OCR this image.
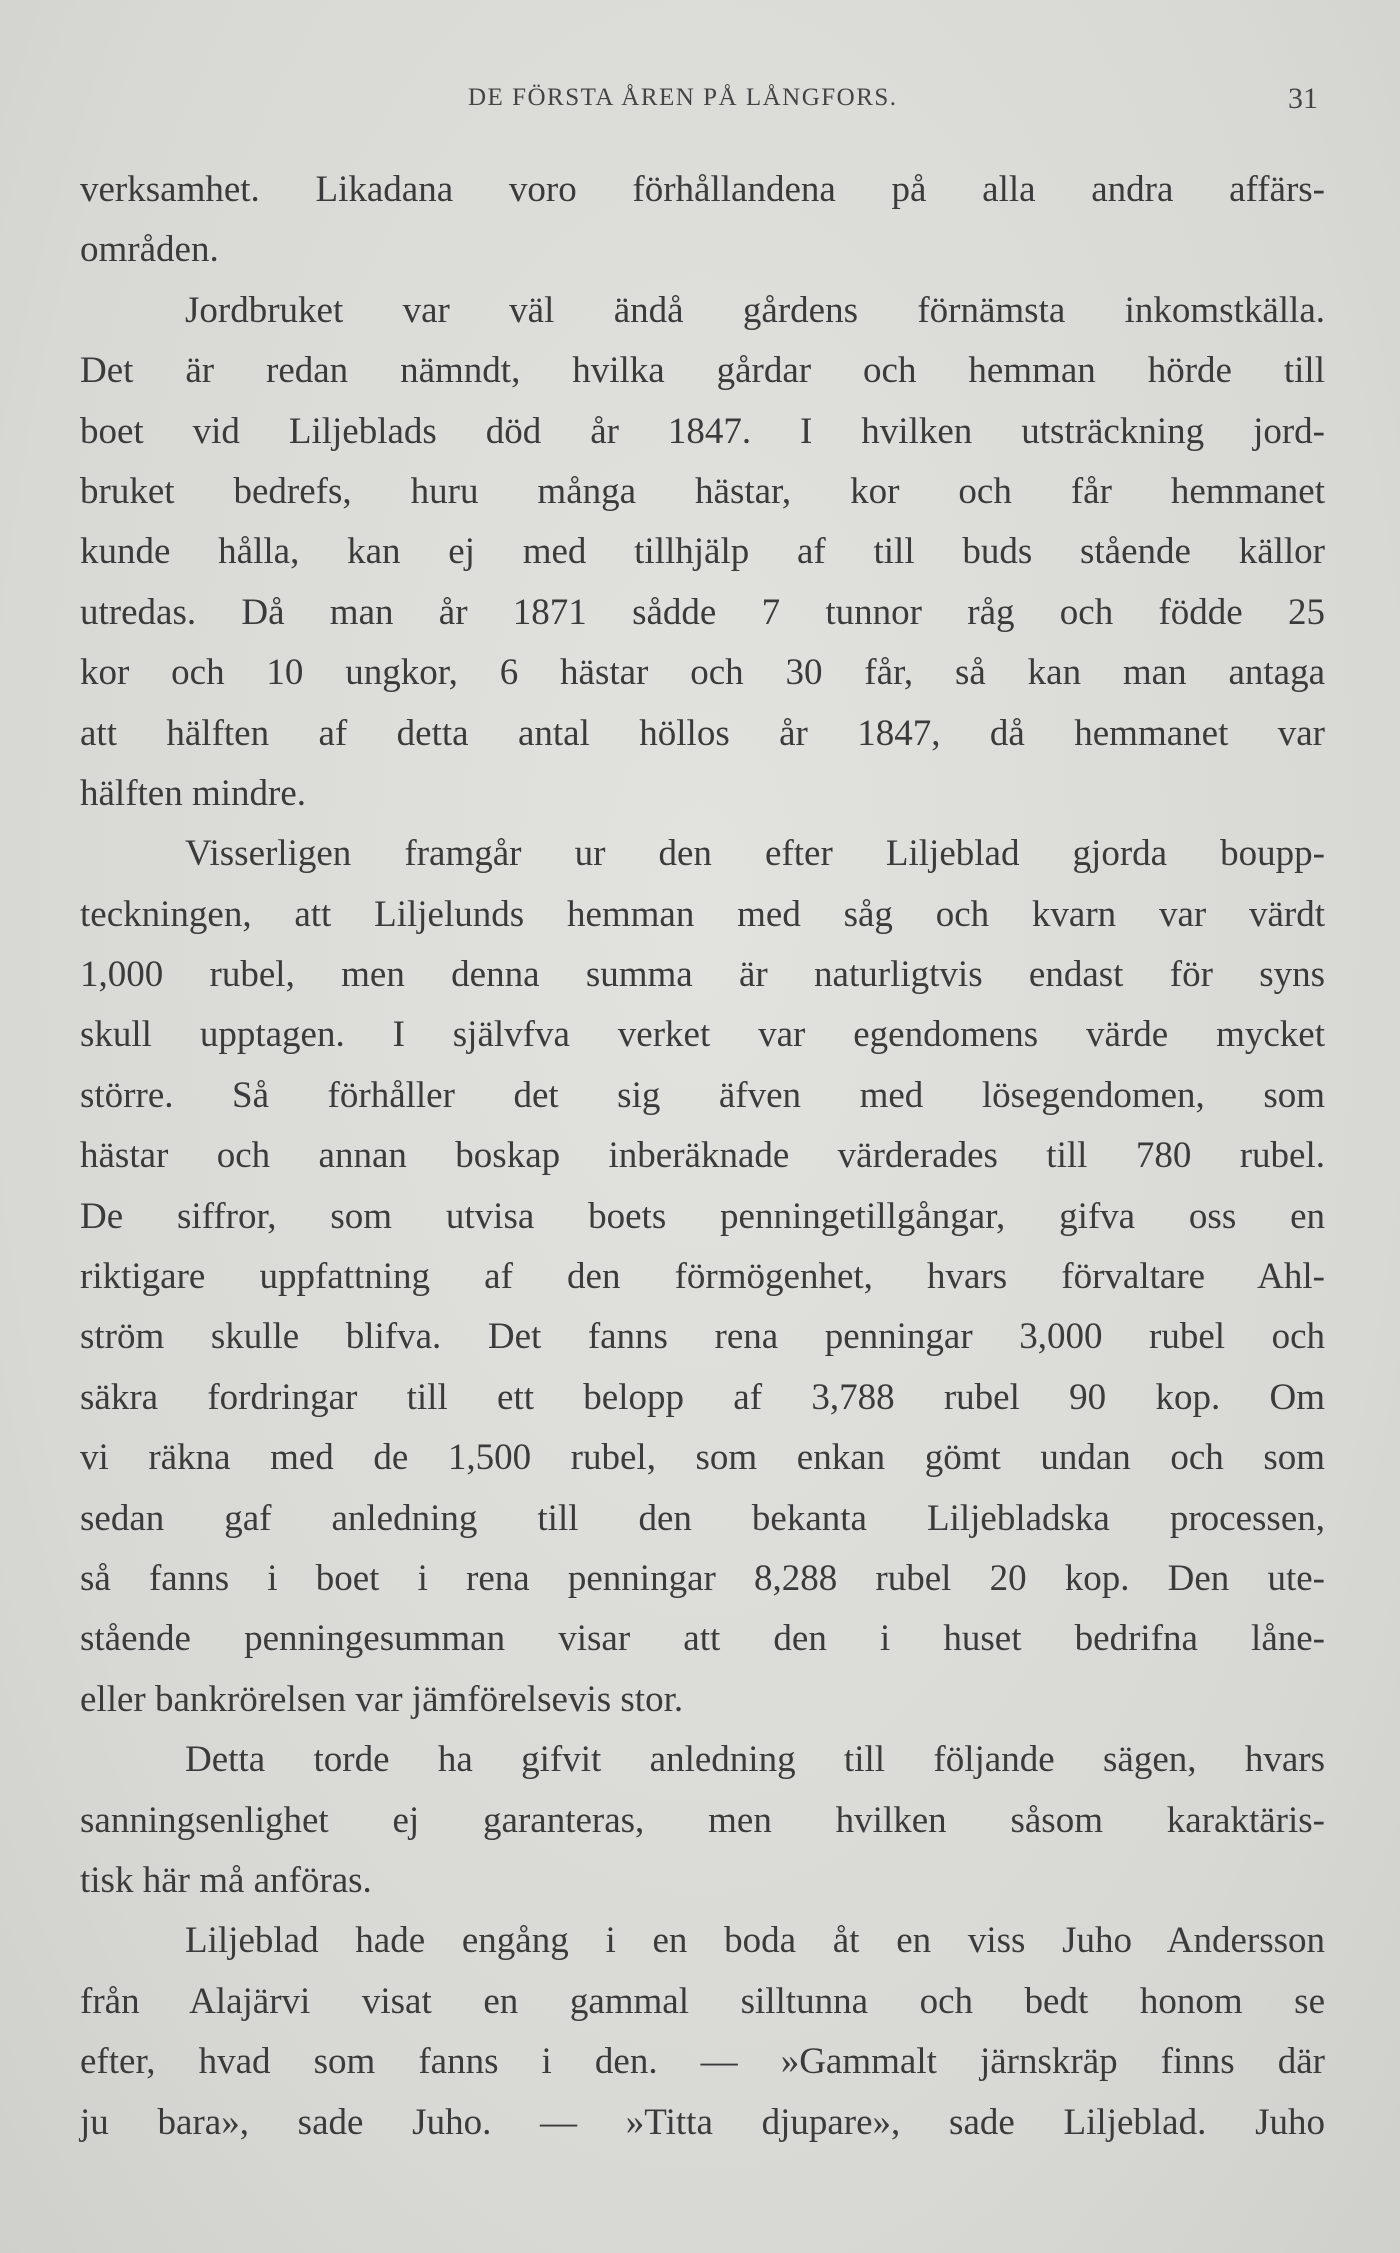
DE FÖRSTA ÅREN PÅ LÅNGFORS.	31
verksamhet. Likadana voro förhållandena på alla andra affärs-
områden.
Jordbruket var väl ändå gårdens förnämsta inkomstkälla.
Det är redan nämndt, hvilka gårdar och hemman hörde till
boet vid Liljeblads död år 1847. I hvilken utsträckning jord-
bruket bedrefs, huru många hästar, kor och får hemmanet
kunde hålla, kan ej med tillhjälp af till buds stående källor
utredas. Då man år 1871 sådde 7 tunnor råg och födde 25
kor och 10 ungkor, 6 hästar och 30 får, så kan man antaga
att hälften af detta antal höllos år 1847, då hemmanet var
hälften mindre.
Visserligen framgår ur den efter Liljeblad gjorda boupp-
teckningen, att Liljelunds hemman med såg och kvarn var värdt
1,000 rubel, men denna summa är naturligtvis endast för syns
skull upptagen. I självfva verket var egendomens värde mycket
större. Så förhåller det sig äfven med lösegendomen, som
hästar och annan boskap inberäknade värderades till 780 rubel.
De siffror, som utvisa boets penningetillgångar, gifva oss en
riktigare uppfattning af den förmögenhet, hvars förvaltare Ahl-
ström skulle blifva. Det fanns rena penningar 3,000 rubel och
säkra fordringar till ett belopp af 3,788 rubel 90 kop. Om
vi räkna med de 1,500 rubel, som enkan gömt undan och som
sedan gaf anledning till den bekanta Liljebladska processen,
så fanns i boet i rena penningar 8,288 rubel 20 kop. Den ute-
stående penningesumman visar att den i huset bedrifna låne-
eller bankrörelsen var jämförelsevis stor.
Detta torde ha gifvit anledning till följande sägen, hvars
sanningsenlighet ej garanteras, men hvilken såsom karaktäris-
tisk här må anföras.
Liljeblad hade engång i en boda åt en viss Juho Andersson
från Alajärvi visat en gammal silltunna och bedt honom se
efter, hvad som fanns i den. — »Gammalt järnskräp finns där
ju bara», sade Juho. — »Titta djupare», sade Liljeblad. Juho
